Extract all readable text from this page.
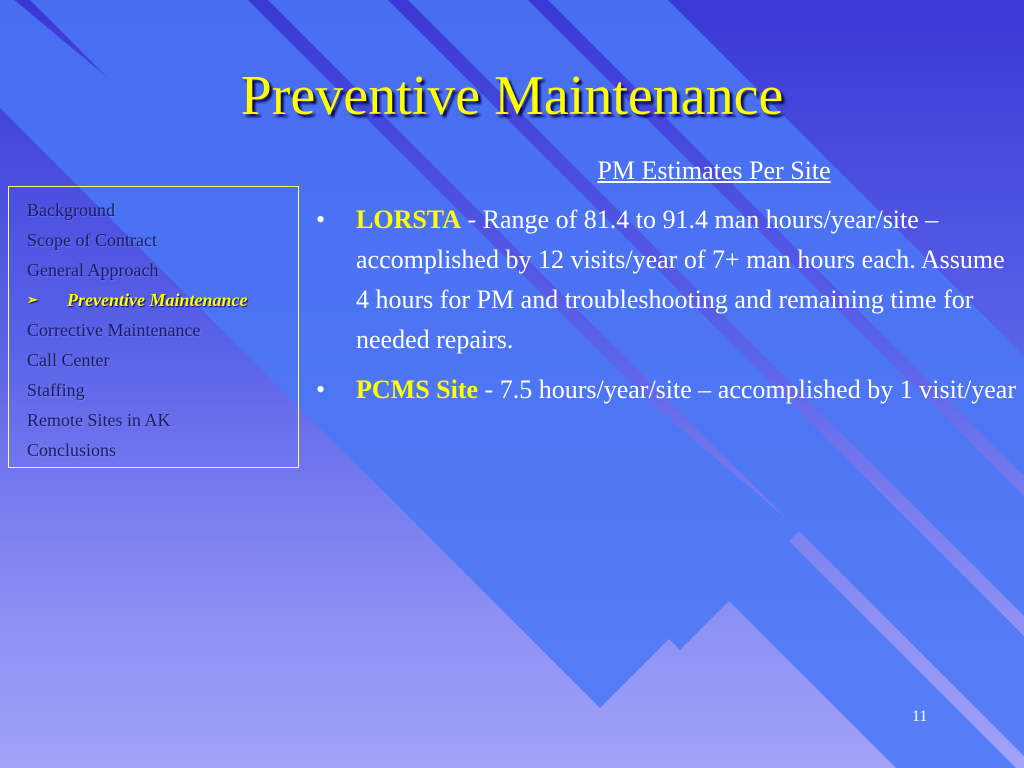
Preventive Maintenance
Background
Scope of Contract
General Approach
➢ Preventive Maintenance
Corrective Maintenance
Call Center
Staffing
Remote Sites in AK
Conclusions
PM Estimates Per Site
•	LORSTA - Range of 81.4 to 91.4 man hours/year/site – accomplished by 12 visits/year of 7+ man hours each. Assume 4 hours for PM and troubleshooting and remaining time for needed repairs.
•	PCMS Site - 7.5 hours/year/site – accomplished by 1 visit/year
11
